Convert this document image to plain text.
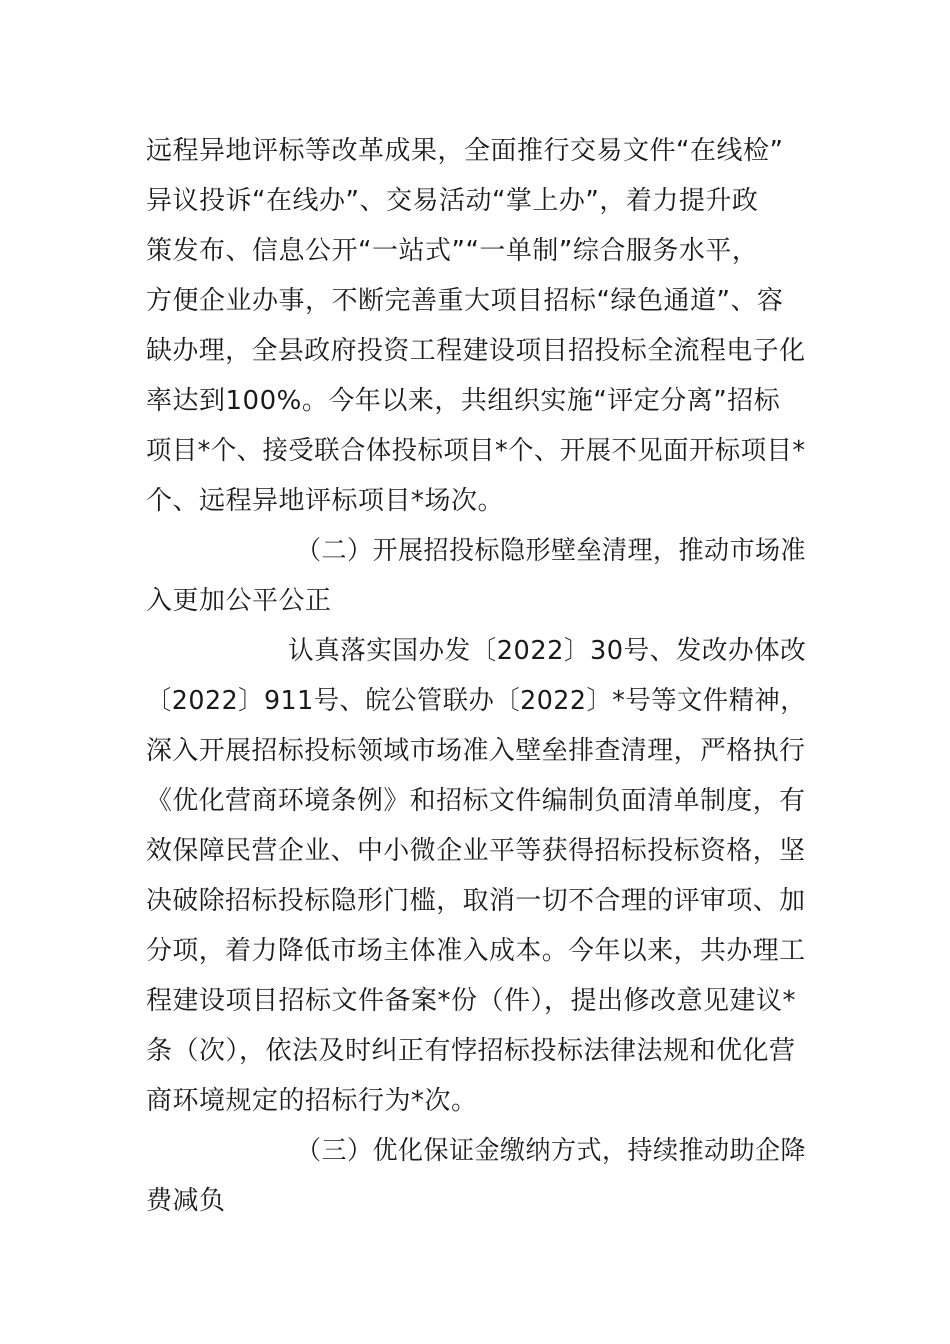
远程异地评标等改革成果，全面推行交易文件“在线检”
异议投诉“在线办”、交易活动“掌上办”，着力提升政
策发布、信息公开“一站式”“一单制”综合服务水平，
方便企业办事，不断完善重大项目招标“绿色通道”、容
缺办理，全县政府投资工程建设项目招投标全流程电子化
率达到100%。今年以来，共组织实施“评定分离”招标
项目*个、接受联合体投标项目*个、开展不见面开标项目*
个、远程异地评标项目*场次。
（二）开展招投标隐形壁垒清理，推动市场准
入更加公平公正
认真落实国办发〔2022〕30号、发改办体改
〔2022〕911号、皖公管联办〔2022〕*号等文件精神，
深入开展招标投标领域市场准入壁垒排查清理，严格执行
《优化营商环境条例》和招标文件编制负面清单制度，有
效保障民营企业、中小微企业平等获得招标投标资格，坚
决破除招标投标隐形门槛，取消一切不合理的评审项、加
分项，着力降低市场主体准入成本。今年以来，共办理工
程建设项目招标文件备案*份（件），提出修改意见建议*
条（次），依法及时纠正有悖招标投标法律法规和优化营
商环境规定的招标行为*次。
（三）优化保证金缴纳方式，持续推动助企降
费减负
